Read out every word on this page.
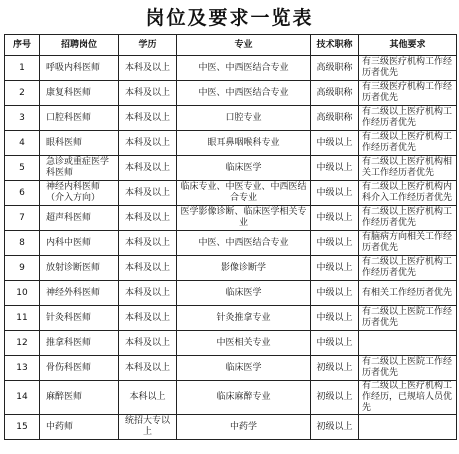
岗位及要求一览表
序号	招聘岗位	学历	专业	技术职称	其他要求
1	呼吸内科医师	本科及以上	中医、中西医结合专业	高级职称	有三级医疗机构工作经历者优先
2	康复科医师	本科及以上	中医、中西医结合专业	高级职称	有三级医疗机构工作经历者优先
3	口腔科医师	本科及以上	口腔专业	高级职称	有二级以上医疗机构工作经历者优先
4	眼科医师	本科及以上	眼耳鼻咽喉科专业	中级以上	有二级以上医疗机构工作经历者优先
5	急诊或重症医学科医师	本科及以上	临床医学	中级以上	有二级以上医疗机构相关工作经历者优先
6	神经内科医师（介入方向）	本科及以上	临床专业、中医专业、中西医结合专业	中级以上	有二级以上医疗机构内科介入工作经历者优先
7	超声科医师	本科及以上	医学影像诊断、临床医学相关专业	中级以上	有二级以上医疗机构工作经历者优先
8	内科中医师	本科及以上	中医、中西医结合专业	中级以上	有脑病方向相关工作经历者优先
9	放射诊断医师	本科及以上	影像诊断学	中级以上	有二级以上医疗机构工作经历者优先
10	神经外科医师	本科及以上	临床医学	中级以上	有相关工作经历者优先
11	针灸科医师	本科及以上	针灸推拿专业	中级以上	有二级以上医院工作经历者优先
12	推拿科医师	本科及以上	中医相关专业	中级以上	
13	骨伤科医师	本科及以上	临床医学	初级以上	有二级以上医院工作经历者优先
14	麻醉医师	本科以上	临床麻醉专业	初级以上	有二级以上医疗机构工作经历，已规培人员优先
15	中药师	统招大专以上	中药学	初级以上	
